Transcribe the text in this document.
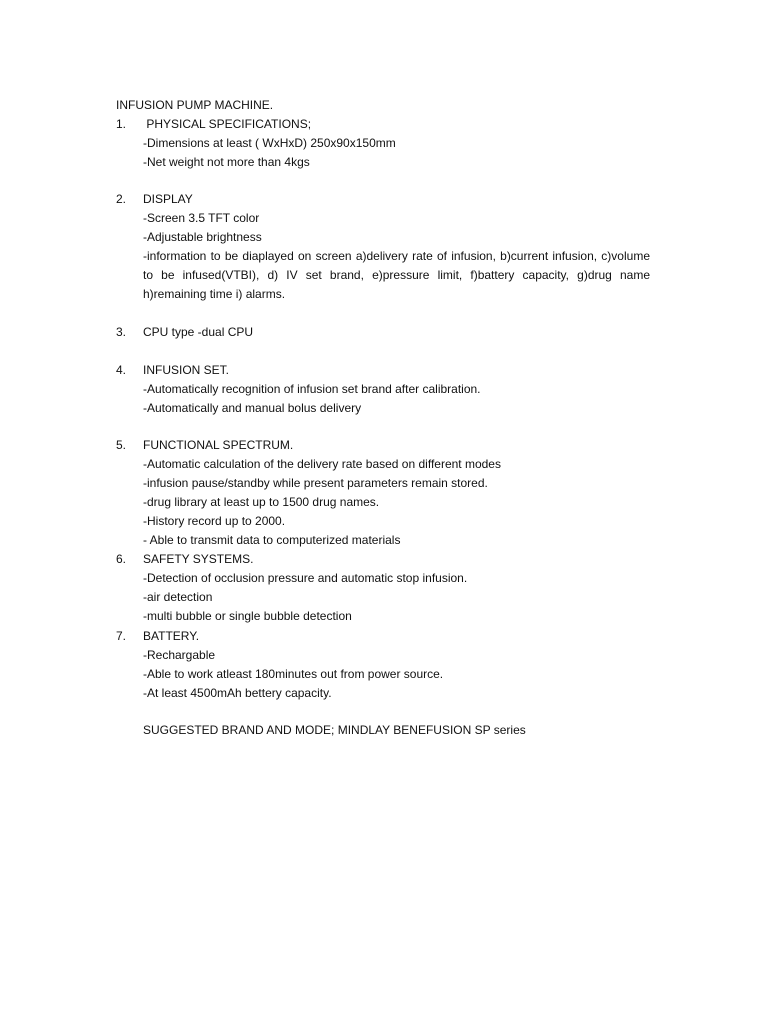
INFUSION PUMP MACHINE.
1.	PHYSICAL SPECIFICATIONS;
-Dimensions at least ( WxHxD) 250x90x150mm
-Net weight not more than 4kgs
2.	DISPLAY
-Screen 3.5 TFT color
-Adjustable brightness
-information to be diaplayed on screen a)delivery rate of infusion, b)current infusion, c)volume to be infused(VTBI), d) IV set brand, e)pressure limit, f)battery capacity, g)drug name h)remaining time i) alarms.
3.	CPU type -dual CPU
4.	INFUSION SET.
-Automatically recognition of infusion set brand after calibration.
-Automatically and manual bolus delivery
5.	FUNCTIONAL SPECTRUM.
-Automatic calculation of the delivery rate based on different modes
-infusion pause/standby while present parameters remain stored.
-drug library at least up to 1500 drug names.
-History record up to 2000.
- Able to transmit data to computerized materials
6.	SAFETY SYSTEMS.
-Detection of occlusion pressure and automatic stop infusion.
-air detection
-multi bubble or single bubble detection
7.	BATTERY.
-Rechargable
-Able to work atleast 180minutes out from power source.
-At least 4500mAh bettery capacity.
SUGGESTED BRAND AND MODE; MINDLAY BENEFUSION SP series
